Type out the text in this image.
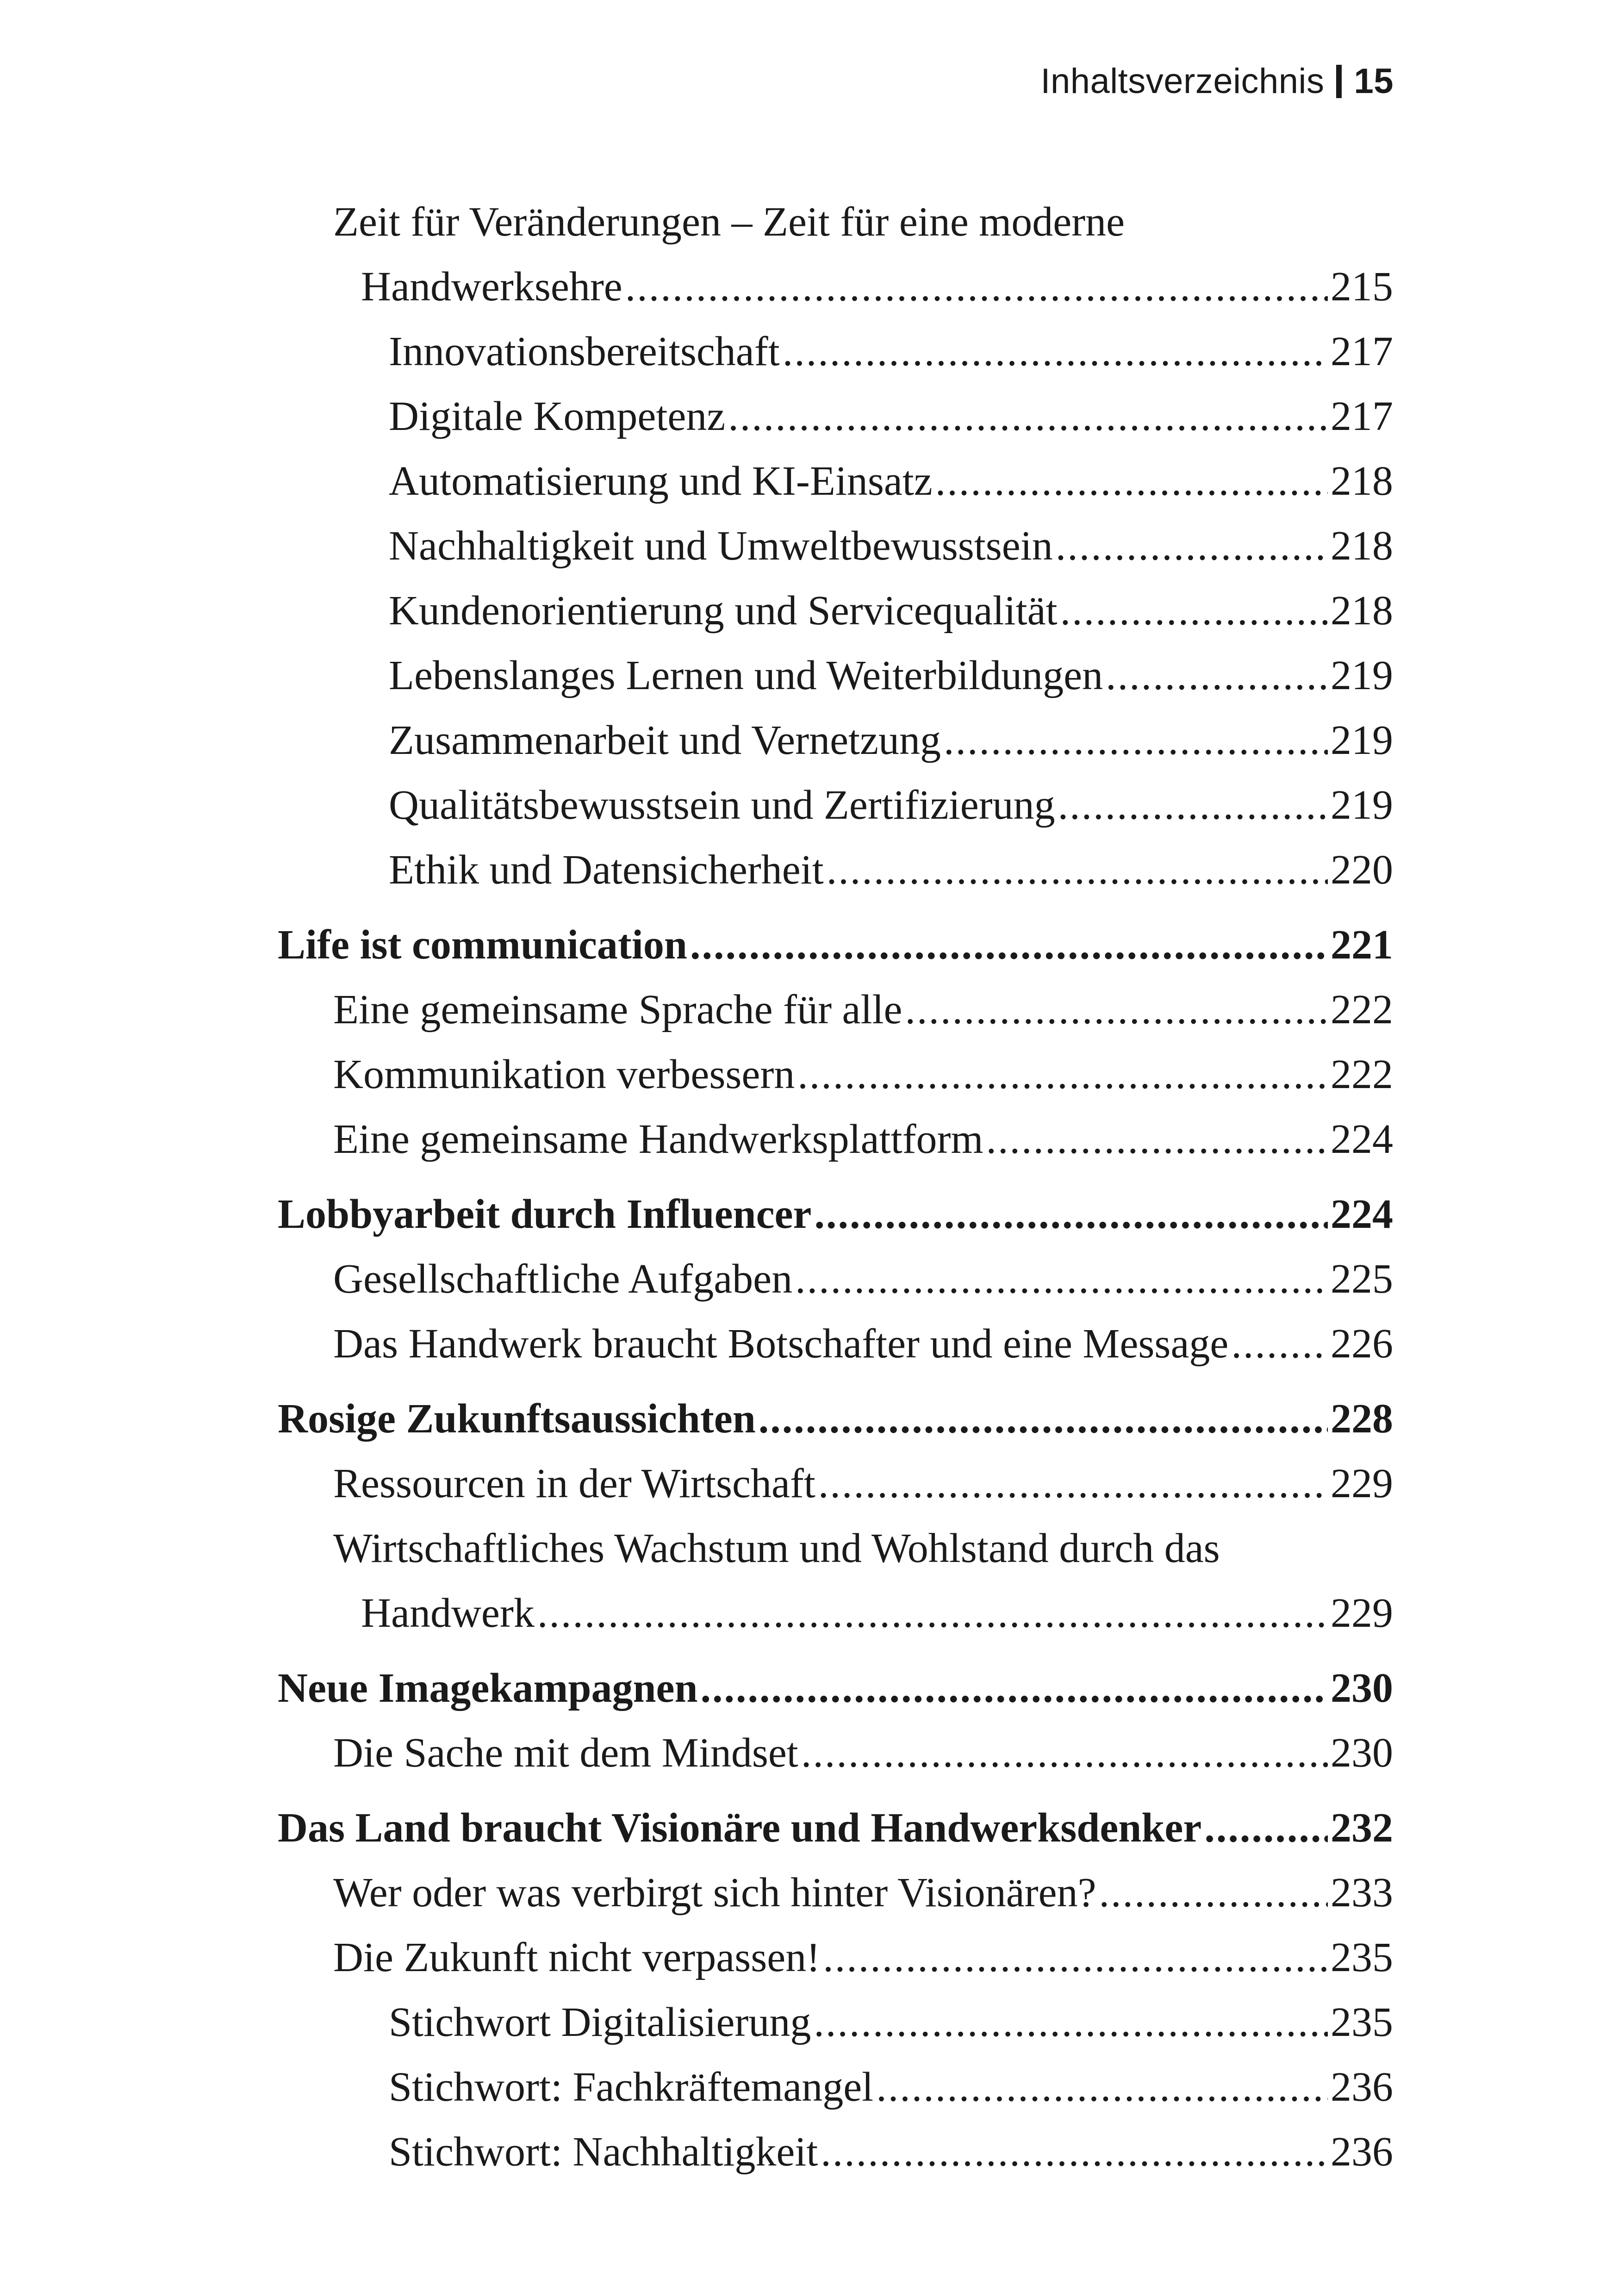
Inhaltsverzeichnis 15
Zeit für Veränderungen – Zeit für eine moderne
Handwerksehre .....	215
Innovationsbereitschaft .....	217
Digitale Kompetenz .....	217
Automatisierung und KI-Einsatz .....	218
Nachhaltigkeit und Umweltbewusstsein .....	218
Kundenorientierung und Servicequalität .....	218
Lebenslanges Lernen und Weiterbildungen .....	219
Zusammenarbeit und Vernetzung .....	219
Qualitätsbewusstsein und Zertifizierung .....	219
Ethik und Datensicherheit .....	220
Life ist communication .....	221
Eine gemeinsame Sprache für alle .....	222
Kommunikation verbessern .....	222
Eine gemeinsame Handwerksplattform .....	224
Lobbyarbeit durch Influencer .....	224
Gesellschaftliche Aufgaben .....	225
Das Handwerk braucht Botschafter und eine Message ..... 226
Rosige Zukunftsaussichten .....	228
Ressourcen in der Wirtschaft .....	229
Wirtschaftliches Wachstum und Wohlstand durch das
Handwerk .....	229
Neue Imagekampagnen .....	230
Die Sache mit dem Mindset .....	230
Das Land braucht Visionäre und Handwerksdenker .....	232
Wer oder was verbirgt sich hinter Visionären? .....	233
Die Zukunft nicht verpassen! .....	235
Stichwort Digitalisierung .....	235
Stichwort: Fachkräftemangel .....	236
Stichwort: Nachhaltigkeit .....	236
